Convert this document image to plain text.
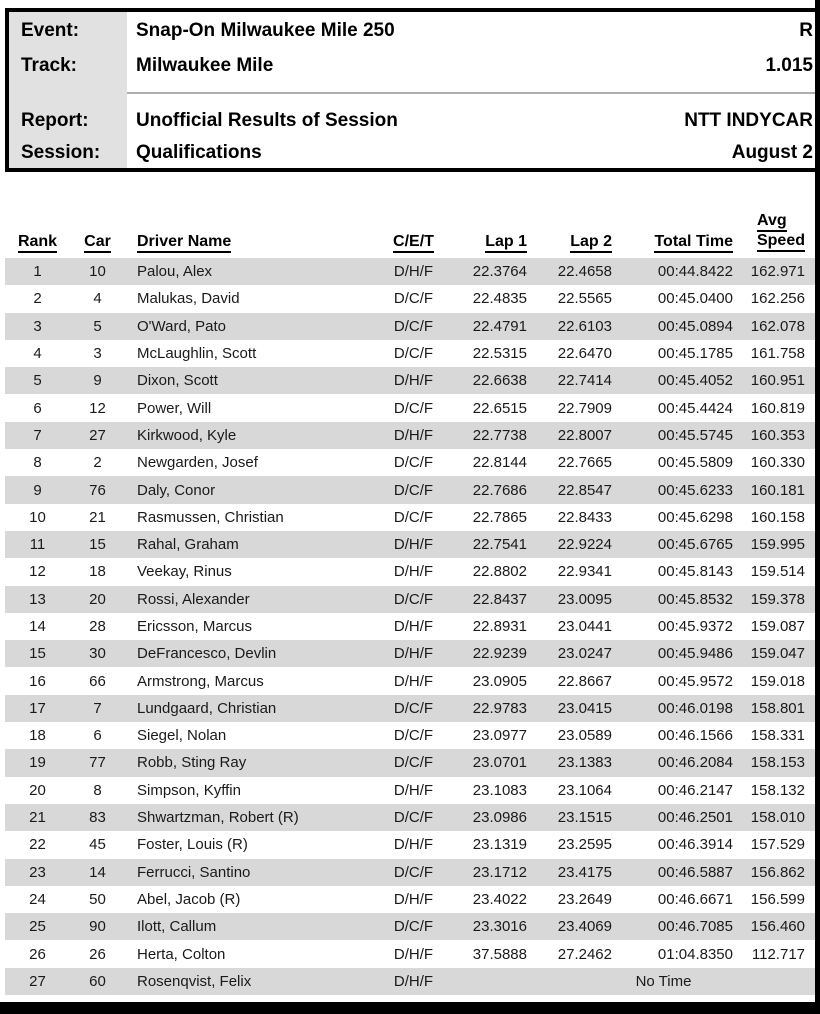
Event:	Snap-On Milwaukee Mile 250	R
Track:	Milwaukee Mile	1.015
Report: Unofficial Results of Session	NTT INDYCAR
Session: Qualifications	August 2
Rank	Car	Driver Name	C/E/T	Lap 1	Lap 2	Total Time	Avg
Speed
1	10	Palou, Alex	D/H/F	22.3764	22.4658	00:44.8422	162.971
2	4	Malukas, David	D/C/F	22.4835	22.5565	00:45.0400	162.256
3	5	O'Ward, Pato	D/C/F	22.4791	22.6103	00:45.0894	162.078
4	3	McLaughlin, Scott	D/C/F	22.5315	22.6470	00:45.1785	161.758
5	9	Dixon, Scott	D/H/F	22.6638	22.7414	00:45.4052	160.951
6	12	Power, Will	D/C/F	22.6515	22.7909	00:45.4424	160.819
7	27	Kirkwood, Kyle	D/H/F	22.7738	22.8007	00:45.5745	160.353
8	2	Newgarden, Josef	D/C/F	22.8144	22.7665	00:45.5809	160.330
9	76	Daly, Conor	D/C/F	22.7686	22.8547	00:45.6233	160.181
10	21	Rasmussen, Christian	D/C/F	22.7865	22.8433	00:45.6298	160.158
11	15	Rahal, Graham	D/H/F	22.7541	22.9224	00:45.6765	159.995
12	18	Veekay, Rinus	D/H/F	22.8802	22.9341	00:45.8143	159.514
13	20	Rossi, Alexander	D/C/F	22.8437	23.0095	00:45.8532	159.378
14	28	Ericsson, Marcus	D/H/F	22.8931	23.0441	00:45.9372	159.087
15	30	DeFrancesco, Devlin	D/H/F	22.9239	23.0247	00:45.9486	159.047
16	66	Armstrong, Marcus	D/H/F	23.0905	22.8667	00:45.9572	159.018
17	7	Lundgaard, Christian	D/C/F	22.9783	23.0415	00:46.0198	158.801
18	6	Siegel, Nolan	D/C/F	23.0977	23.0589	00:46.1566	158.331
19	77	Robb, Sting Ray	D/C/F	23.0701	23.1383	00:46.2084	158.153
20	8	Simpson, Kyffin	D/H/F	23.1083	23.1064	00:46.2147	158.132
21	83	Shwartzman, Robert (R)	D/C/F	23.0986	23.1515	00:46.2501	158.010
22	45	Foster, Louis (R)	D/H/F	23.1319	23.2595	00:46.3914	157.529
23	14	Ferrucci, Santino	D/C/F	23.1712	23.4175	00:46.5887	156.862
24	50	Abel, Jacob (R)	D/H/F	23.4022	23.2649	00:46.6671	156.599
25	90	Ilott, Callum	D/C/F	23.3016	23.4069	00:46.7085	156.460
26	26	Herta, Colton	D/H/F	37.5888	27.2462	01:04.8350	112.717
27	60	Rosenqvist, Felix	D/H/F			No Time	
